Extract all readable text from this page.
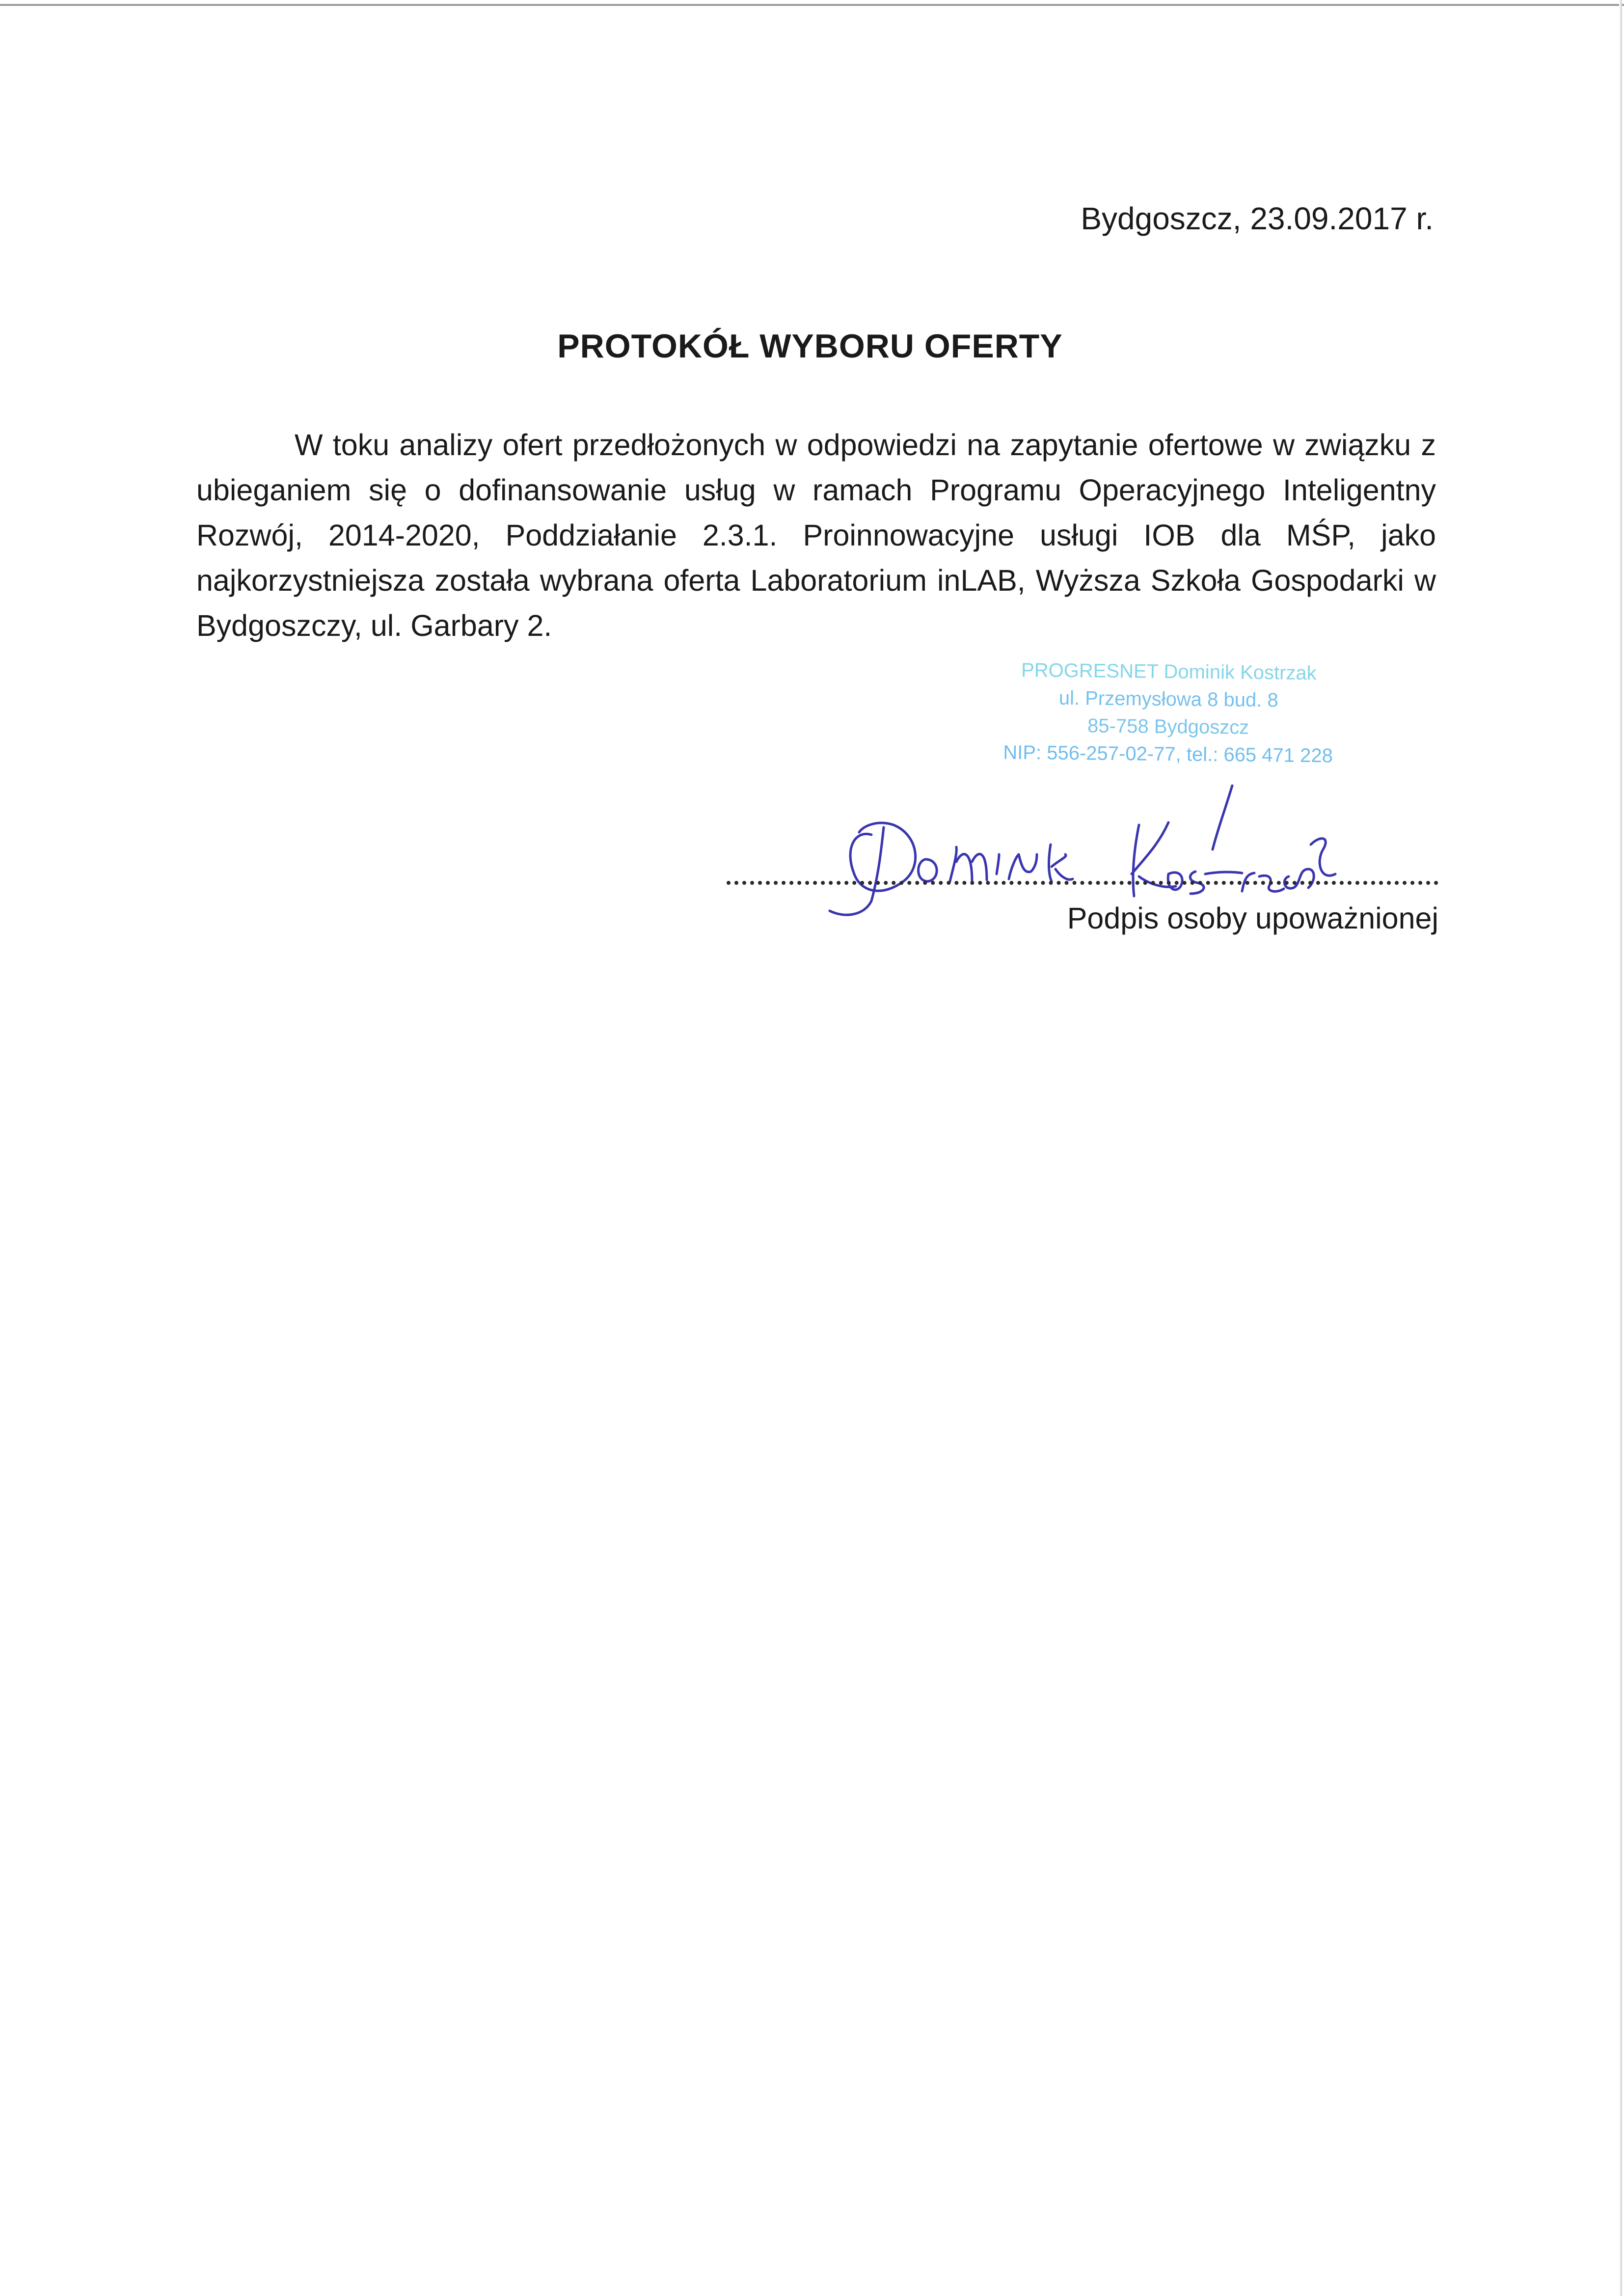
Bydgoszcz, 23.09.2017 r.
PROTOKÓŁ WYBORU OFERTY

W toku analizy ofert przedłożonych w odpowiedzi na zapytanie ofertowe w związku z ubieganiem się o dofinansowanie usług w ramach Programu Operacyjnego Inteligentny Rozwój, 2014-2020, Poddziałanie 2.3.1. Proinnowacyjne usługi IOB dla MŚP, jako najkorzystniejsza została wybrana oferta Laboratorium inLAB, Wyższa Szkoła Gospodarki w Bydgoszczy, ul. Garbary 2.

PROGRESNET Dominik Kostrzak
ul. Przemysłowa 8 bud. 8
85-758 Bydgoszcz
NIP: 556-257-02-77, tel.: 665 471 228
Podpis osoby upoważnionej
